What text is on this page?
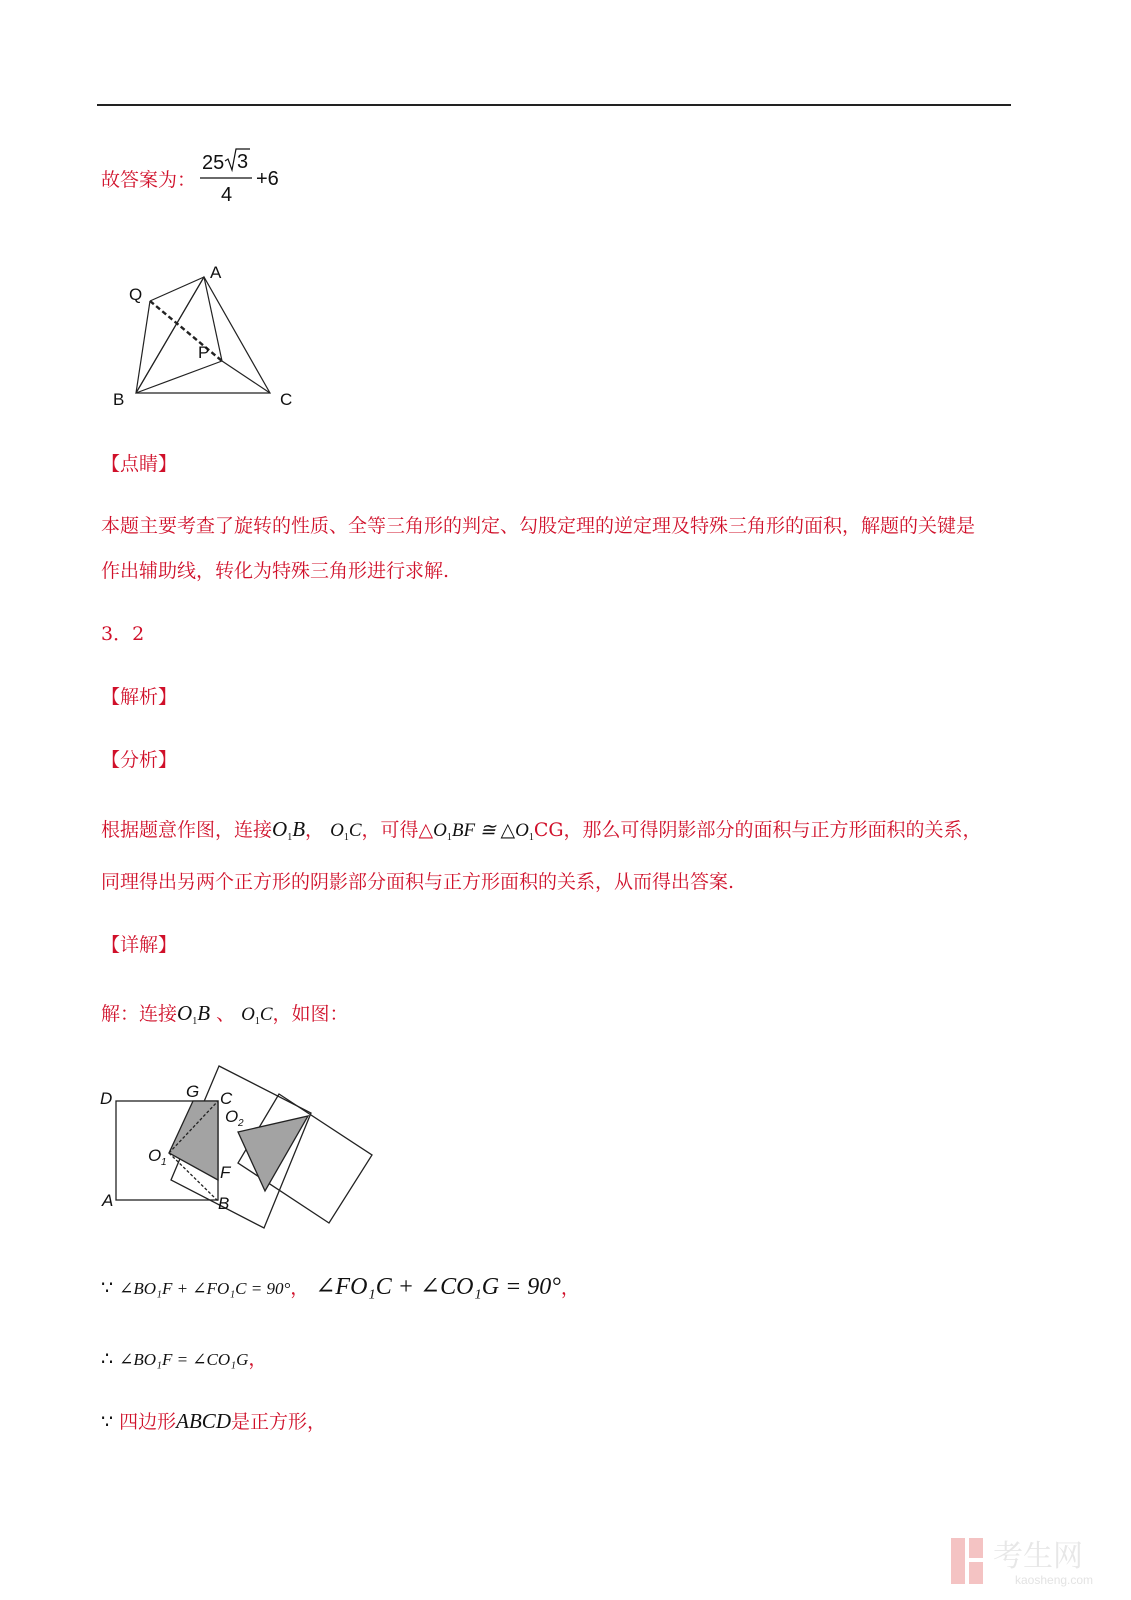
故答案为：
25 3
4
+6
Q
A
P
B	C
【点睛】
本题主要考查了旋转的性质、全等三角形的判定、勾股定理的逆定理及特殊三角形的面积，解题的关键是
作出辅助线，转化为特殊三角形进行求解.
3．2
【解析】
【分析】
根据题意作图，连接$O_1B$， $O_1C$，可得$\triangle O_1BF$ ≅ $\triangle O_1CG$，那么可得阴影部分的面积与正方形面积的关系，
同理得出另两个正方形的阴影部分面积与正方形面积的关系，从而得出答案.
【详解】
解：连接$O_1B$ 、 $O_1C$，如图：
D	G C
O 2
O 1
F
A	B
∵ ∠BO₁F + ∠FO₁C = 90°， ∠FO₁C + ∠CO₁G = 90°，
∴ ∠BO₁F = ∠CO₁G，
∵ 四边形ABCD是正方形，
考生网
kaosheng.com
